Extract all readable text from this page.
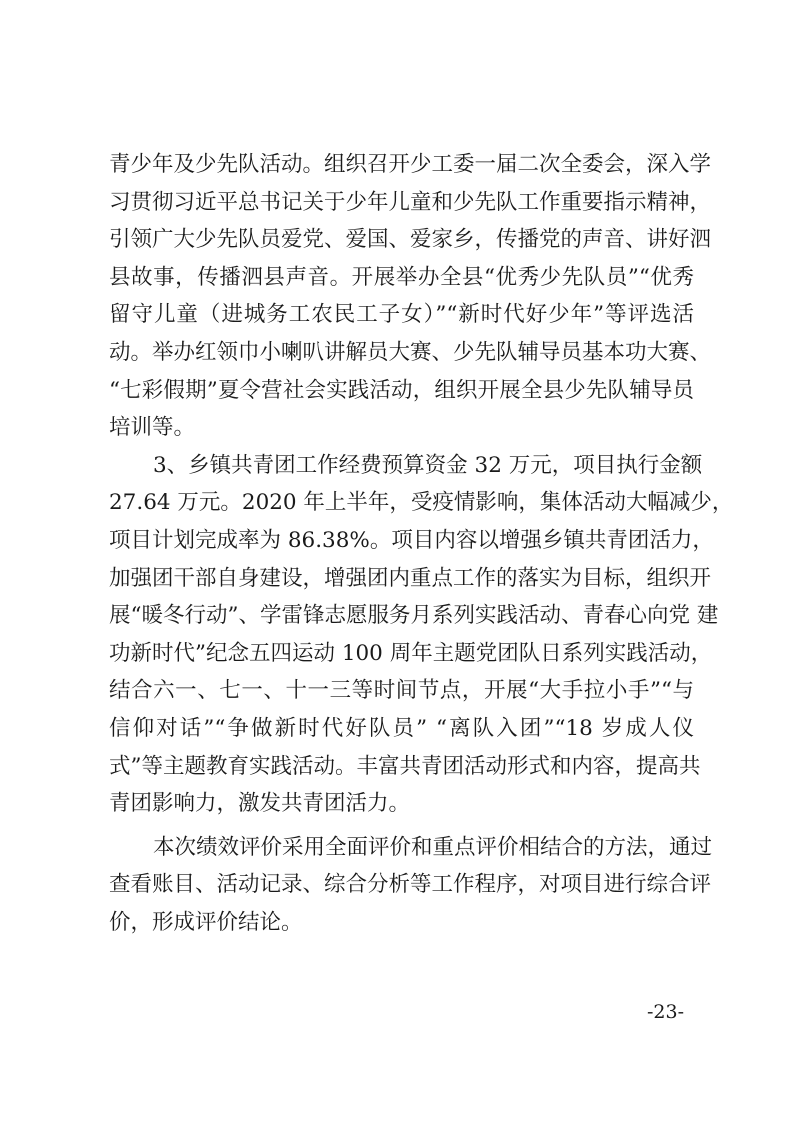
青少年及少先队活动。组织召开少工委一届二次全委会，深入学
习贯彻习近平总书记关于少年儿童和少先队工作重要指示精神，
引领广大少先队员爱党、爱国、爱家乡，传播党的声音、讲好泗
县故事，传播泗县声音。开展举办全县“优秀少先队员”“优秀
留守儿童（进城务工农民工子女）”“新时代好少年”等评选活
动。举办红领巾小喇叭讲解员大赛、少先队辅导员基本功大赛、
“七彩假期”夏令营社会实践活动，组织开展全县少先队辅导员
培训等。
3、乡镇共青团工作经费预算资金 32 万元，项目执行金额
27.64 万元。2020 年上半年，受疫情影响，集体活动大幅减少，
项目计划完成率为 86.38%。项目内容以增强乡镇共青团活力，
加强团干部自身建设，增强团内重点工作的落实为目标，组织开
展“暖冬行动”、学雷锋志愿服务月系列实践活动、青春心向党 建
功新时代”纪念五四运动 100 周年主题党团队日系列实践活动，
结合六一、七一、十一三等时间节点，开展“大手拉小手”“与
信仰对话”“争做新时代好队员” “离队入团”“18 岁成人仪
式”等主题教育实践活动。丰富共青团活动形式和内容，提高共
青团影响力，激发共青团活力。
本次绩效评价采用全面评价和重点评价相结合的方法，通过
查看账目、活动记录、综合分析等工作程序，对项目进行综合评
价，形成评价结论。
-23-
